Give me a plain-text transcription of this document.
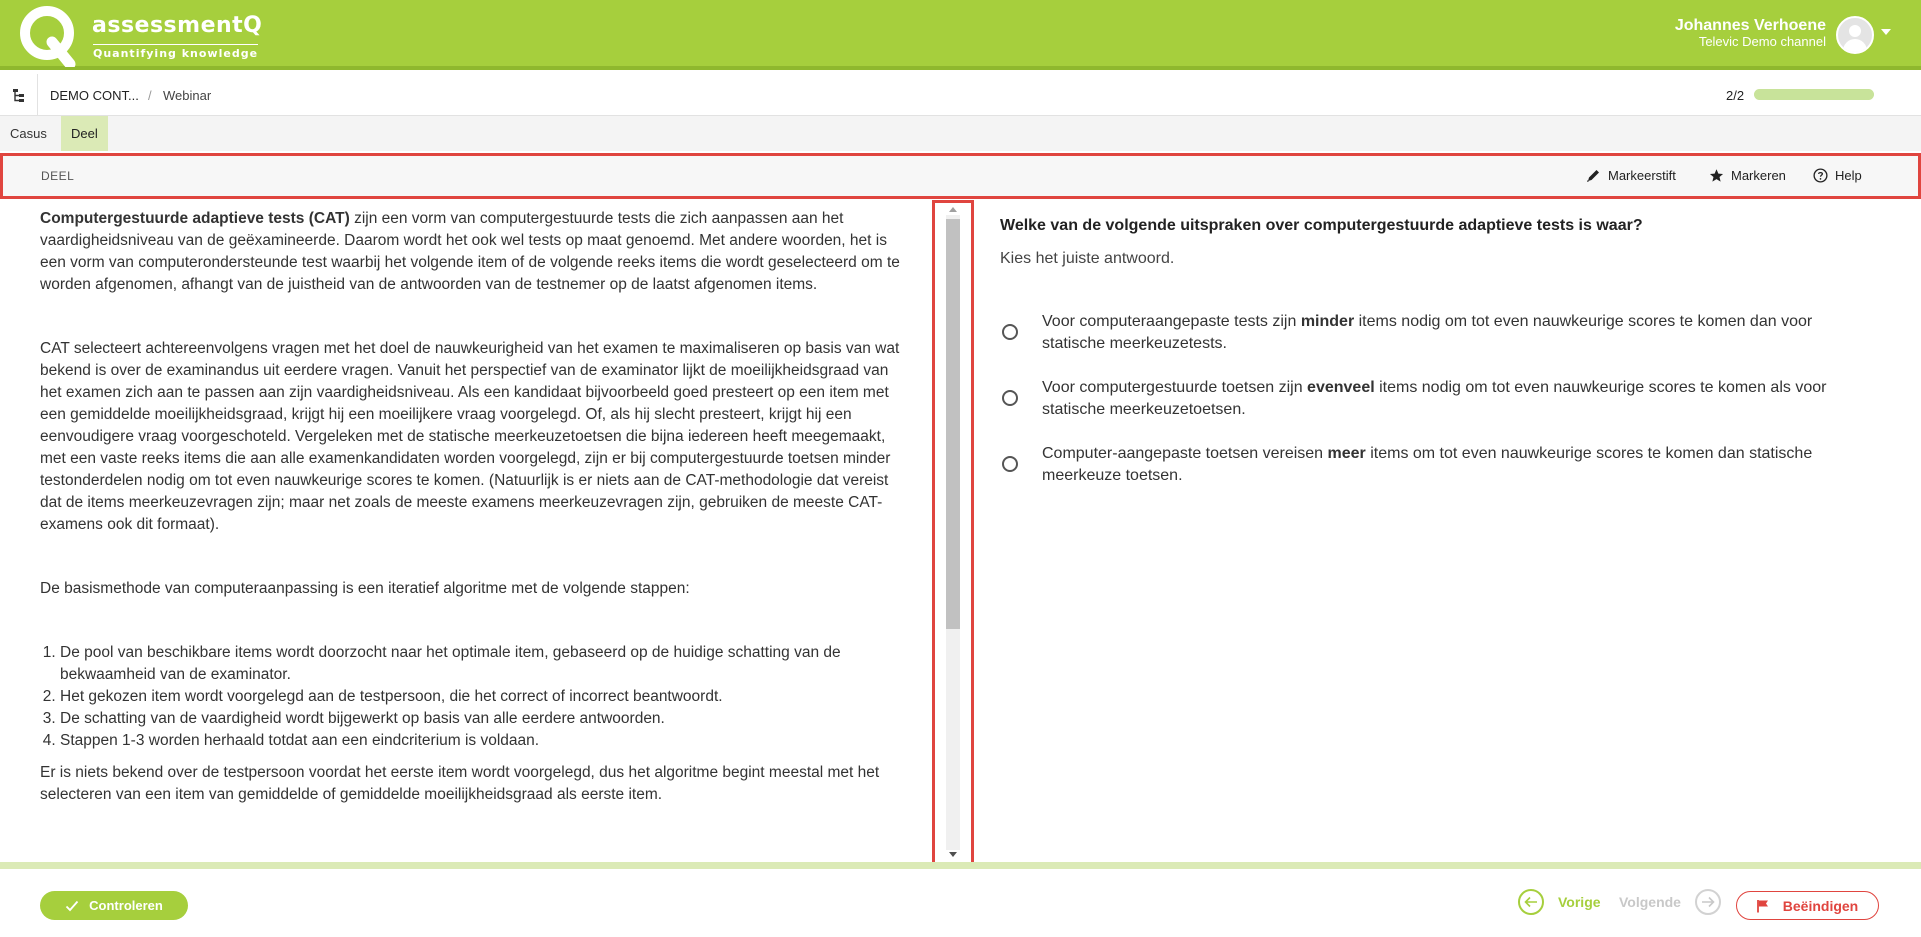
assessmentQ
Quantifying knowledge
Johannes Verhoene
Televic Demo channel
DEMO CONT... / Webinar	2/2
Casus	Deel
DEEL	Markeerstift	Markeren	Help

Computergestuurde adaptieve tests (CAT) zijn een vorm van computergestuurde tests die zich aanpassen aan het vaardigheidsniveau van de geëxamineerde. Daarom wordt het ook wel tests op maat genoemd. Met andere woorden, het is een vorm van computerondersteunde test waarbij het volgende item of de volgende reeks items die wordt geselecteerd om te worden afgenomen, afhangt van de juistheid van de antwoorden van de testnemer op de laatst afgenomen items.

CAT selecteert achtereenvolgens vragen met het doel de nauwkeurigheid van het examen te maximaliseren op basis van wat bekend is over de examinandus uit eerdere vragen. Vanuit het perspectief van de examinator lijkt de moeilijkheidsgraad van het examen zich aan te passen aan zijn vaardigheidsniveau. Als een kandidaat bijvoorbeeld goed presteert op een item met een gemiddelde moeilijkheidsgraad, krijgt hij een moeilijkere vraag voorgelegd. Of, als hij slecht presteert, krijgt hij een eenvoudigere vraag voorgeschoteld. Vergeleken met de statische meerkeuzetoetsen die bijna iedereen heeft meegemaakt, met een vaste reeks items die aan alle examenkandidaten worden voorgelegd, zijn er bij computergestuurde toetsen minder testonderdelen nodig om tot even nauwkeurige scores te komen. (Natuurlijk is er niets aan de CAT-methodologie dat vereist dat de items meerkeuzevragen zijn; maar net zoals de meeste examens meerkeuzevragen zijn, gebruiken de meeste CAT-examens ook dit formaat).

De basismethode van computeraanpassing is een iteratief algoritme met de volgende stappen:

1. De pool van beschikbare items wordt doorzocht naar het optimale item, gebaseerd op de huidige schatting van de bekwaamheid van de examinator.
2. Het gekozen item wordt voorgelegd aan de testpersoon, die het correct of incorrect beantwoordt.
3. De schatting van de vaardigheid wordt bijgewerkt op basis van alle eerdere antwoorden.
4. Stappen 1-3 worden herhaald totdat aan een eindcriterium is voldaan.

Er is niets bekend over de testpersoon voordat het eerste item wordt voorgelegd, dus het algoritme begint meestal met het selecteren van een item van gemiddelde of gemiddelde moeilijkheidsgraad als eerste item.

Welke van de volgende uitspraken over computergestuurde adaptieve tests is waar?
Kies het juiste antwoord.
Voor computeraangepaste tests zijn minder items nodig om tot even nauwkeurige scores te komen dan voor statische meerkeuzetests.
Voor computergestuurde toetsen zijn evenveel items nodig om tot even nauwkeurige scores te komen als voor statische meerkeuzetoetsen.
Computer-aangepaste toetsen vereisen meer items om tot even nauwkeurige scores te komen dan statische meerkeuze toetsen.
Controleren	Vorige Volgende	Beëindigen
